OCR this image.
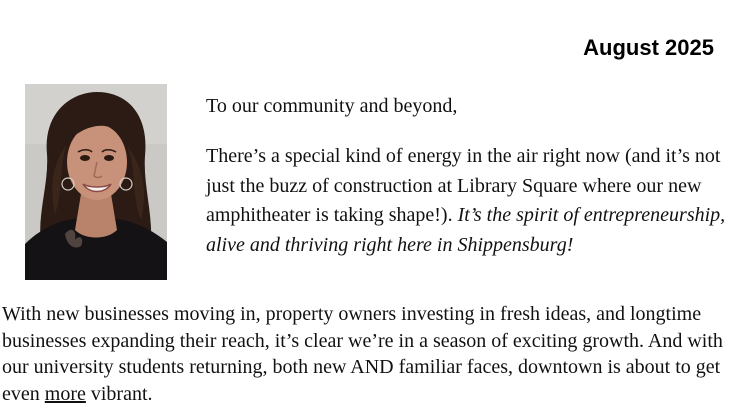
August 2025

To our community and beyond,

There’s a special kind of energy in the air right now (and it’s not just the buzz of construction at Library Square where our new amphitheater is taking shape!). It’s the spirit of entrepreneurship, alive and thriving right here in Shippensburg!

With new businesses moving in, property owners investing in fresh ideas, and longtime businesses expanding their reach, it’s clear we’re in a season of exciting growth. And with our university students returning, both new AND familiar faces, downtown is about to get even more vibrant.
